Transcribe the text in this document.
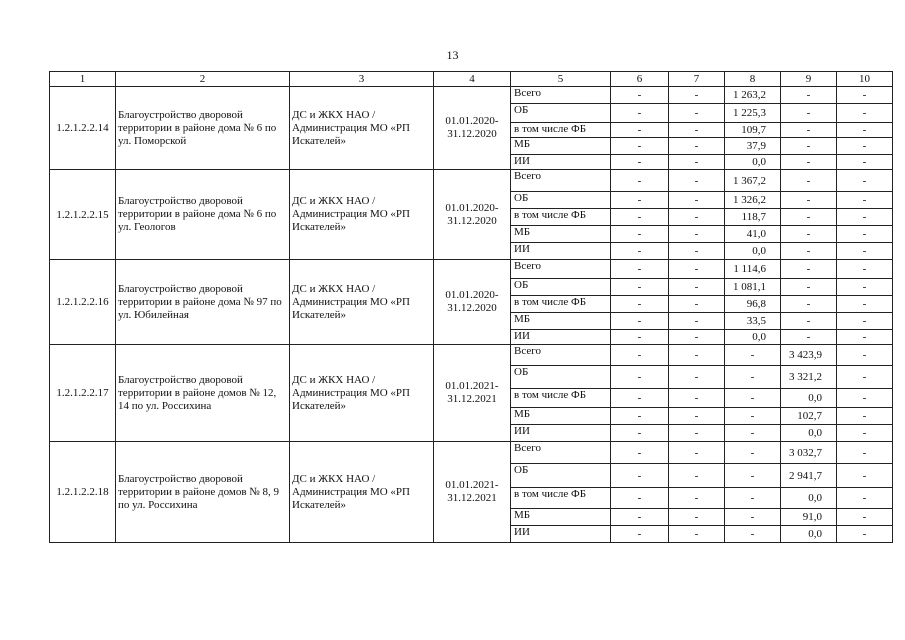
13
1	2	3	4	5	6	7	8	9	10
1.2.1.2.2.14	Благоустройство дворовой территории в районе дома № 6 по ул. Поморской	ДС и ЖКХ НАО / Администрация МО «РП Искателей»	01.01.2020-31.12.2020	Всего	-	-	1 263,2	-	-
				ОБ	-	-	1 225,3	-	-
				в том числе ФБ	-	-	109,7	-	-
				МБ	-	-	37,9	-	-
				ИИ	-	-	0,0	-	-
1.2.1.2.2.15	Благоустройство дворовой территории в районе дома № 6 по ул. Геологов	ДС и ЖКХ НАО / Администрация МО «РП Искателей»	01.01.2020-31.12.2020	Всего	-	-	1 367,2	-	-
				ОБ	-	-	1 326,2	-	-
				в том числе ФБ	-	-	118,7	-	-
				МБ	-	-	41,0	-	-
				ИИ	-	-	0,0	-	-
1.2.1.2.2.16	Благоустройство дворовой территории в районе дома № 97 по ул. Юбилейная	ДС и ЖКХ НАО / Администрация МО «РП Искателей»	01.01.2020-31.12.2020	Всего	-	-	1 114,6	-	-
				ОБ	-	-	1 081,1	-	-
				в том числе ФБ	-	-	96,8	-	-
				МБ	-	-	33,5	-	-
				ИИ	-	-	0,0	-	-
1.2.1.2.2.17	Благоустройство дворовой территории в районе домов № 12, 14 по ул. Россихина	ДС и ЖКХ НАО / Администрация МО «РП Искателей»	01.01.2021-31.12.2021	Всего	-	-	-	3 423,9	-
				ОБ	-	-	-	3 321,2	-
				в том числе ФБ	-	-	-	0,0	-
				МБ	-	-	-	102,7	-
				ИИ	-	-	-	0,0	-
1.2.1.2.2.18	Благоустройство дворовой территории в районе домов № 8, 9 по ул. Россихина	ДС и ЖКХ НАО / Администрация МО «РП Искателей»	01.01.2021-31.12.2021	Всего	-	-	-	3 032,7	-
				ОБ	-	-	-	2 941,7	-
				в том числе ФБ	-	-	-	0,0	-
				МБ	-	-	-	91,0	-
				ИИ	-	-	-	0,0	-
